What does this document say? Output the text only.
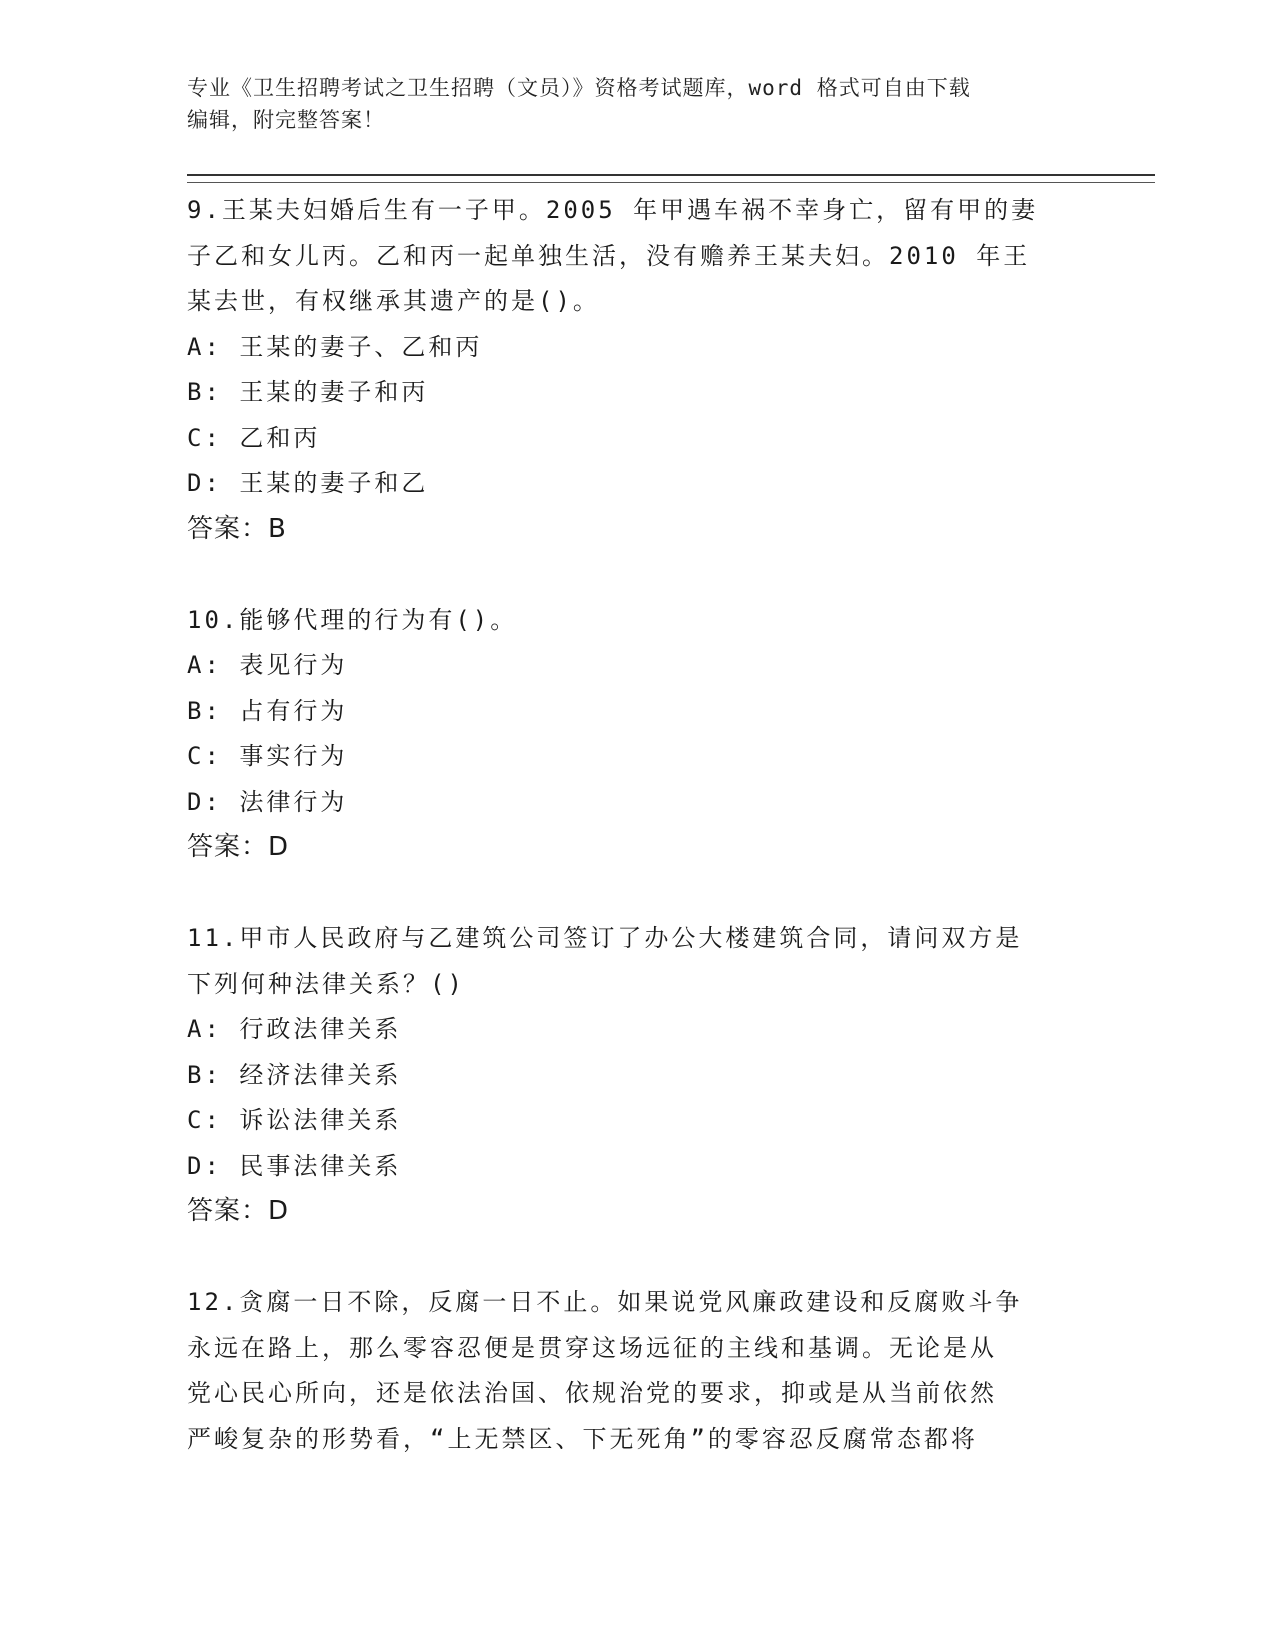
专业《卫生招聘考试之卫生招聘（文员）》资格考试题库，word 格式可自由下载
编辑，附完整答案！

9.王某夫妇婚后生有一子甲。2005 年甲遇车祸不幸身亡，留有甲的妻

子乙和女儿丙。乙和丙一起单独生活，没有赡养王某夫妇。2010 年王

某去世，有权继承其遗产的是()。

A: 王某的妻子、乙和丙

B: 王某的妻子和丙

C: 乙和丙

D: 王某的妻子和乙

答案：B

10.能够代理的行为有()。

A: 表见行为

B: 占有行为

C: 事实行为

D: 法律行为

答案：D

11.甲市人民政府与乙建筑公司签订了办公大楼建筑合同，请问双方是

下列何种法律关系？()

A: 行政法律关系

B: 经济法律关系

C: 诉讼法律关系

D: 民事法律关系

答案：D

12.贪腐一日不除，反腐一日不止。如果说党风廉政建设和反腐败斗争

永远在路上，那么零容忍便是贯穿这场远征的主线和基调。无论是从

党心民心所向，还是依法治国、依规治党的要求，抑或是从当前依然

严峻复杂的形势看，“上无禁区、下无死角”的零容忍反腐常态都将
